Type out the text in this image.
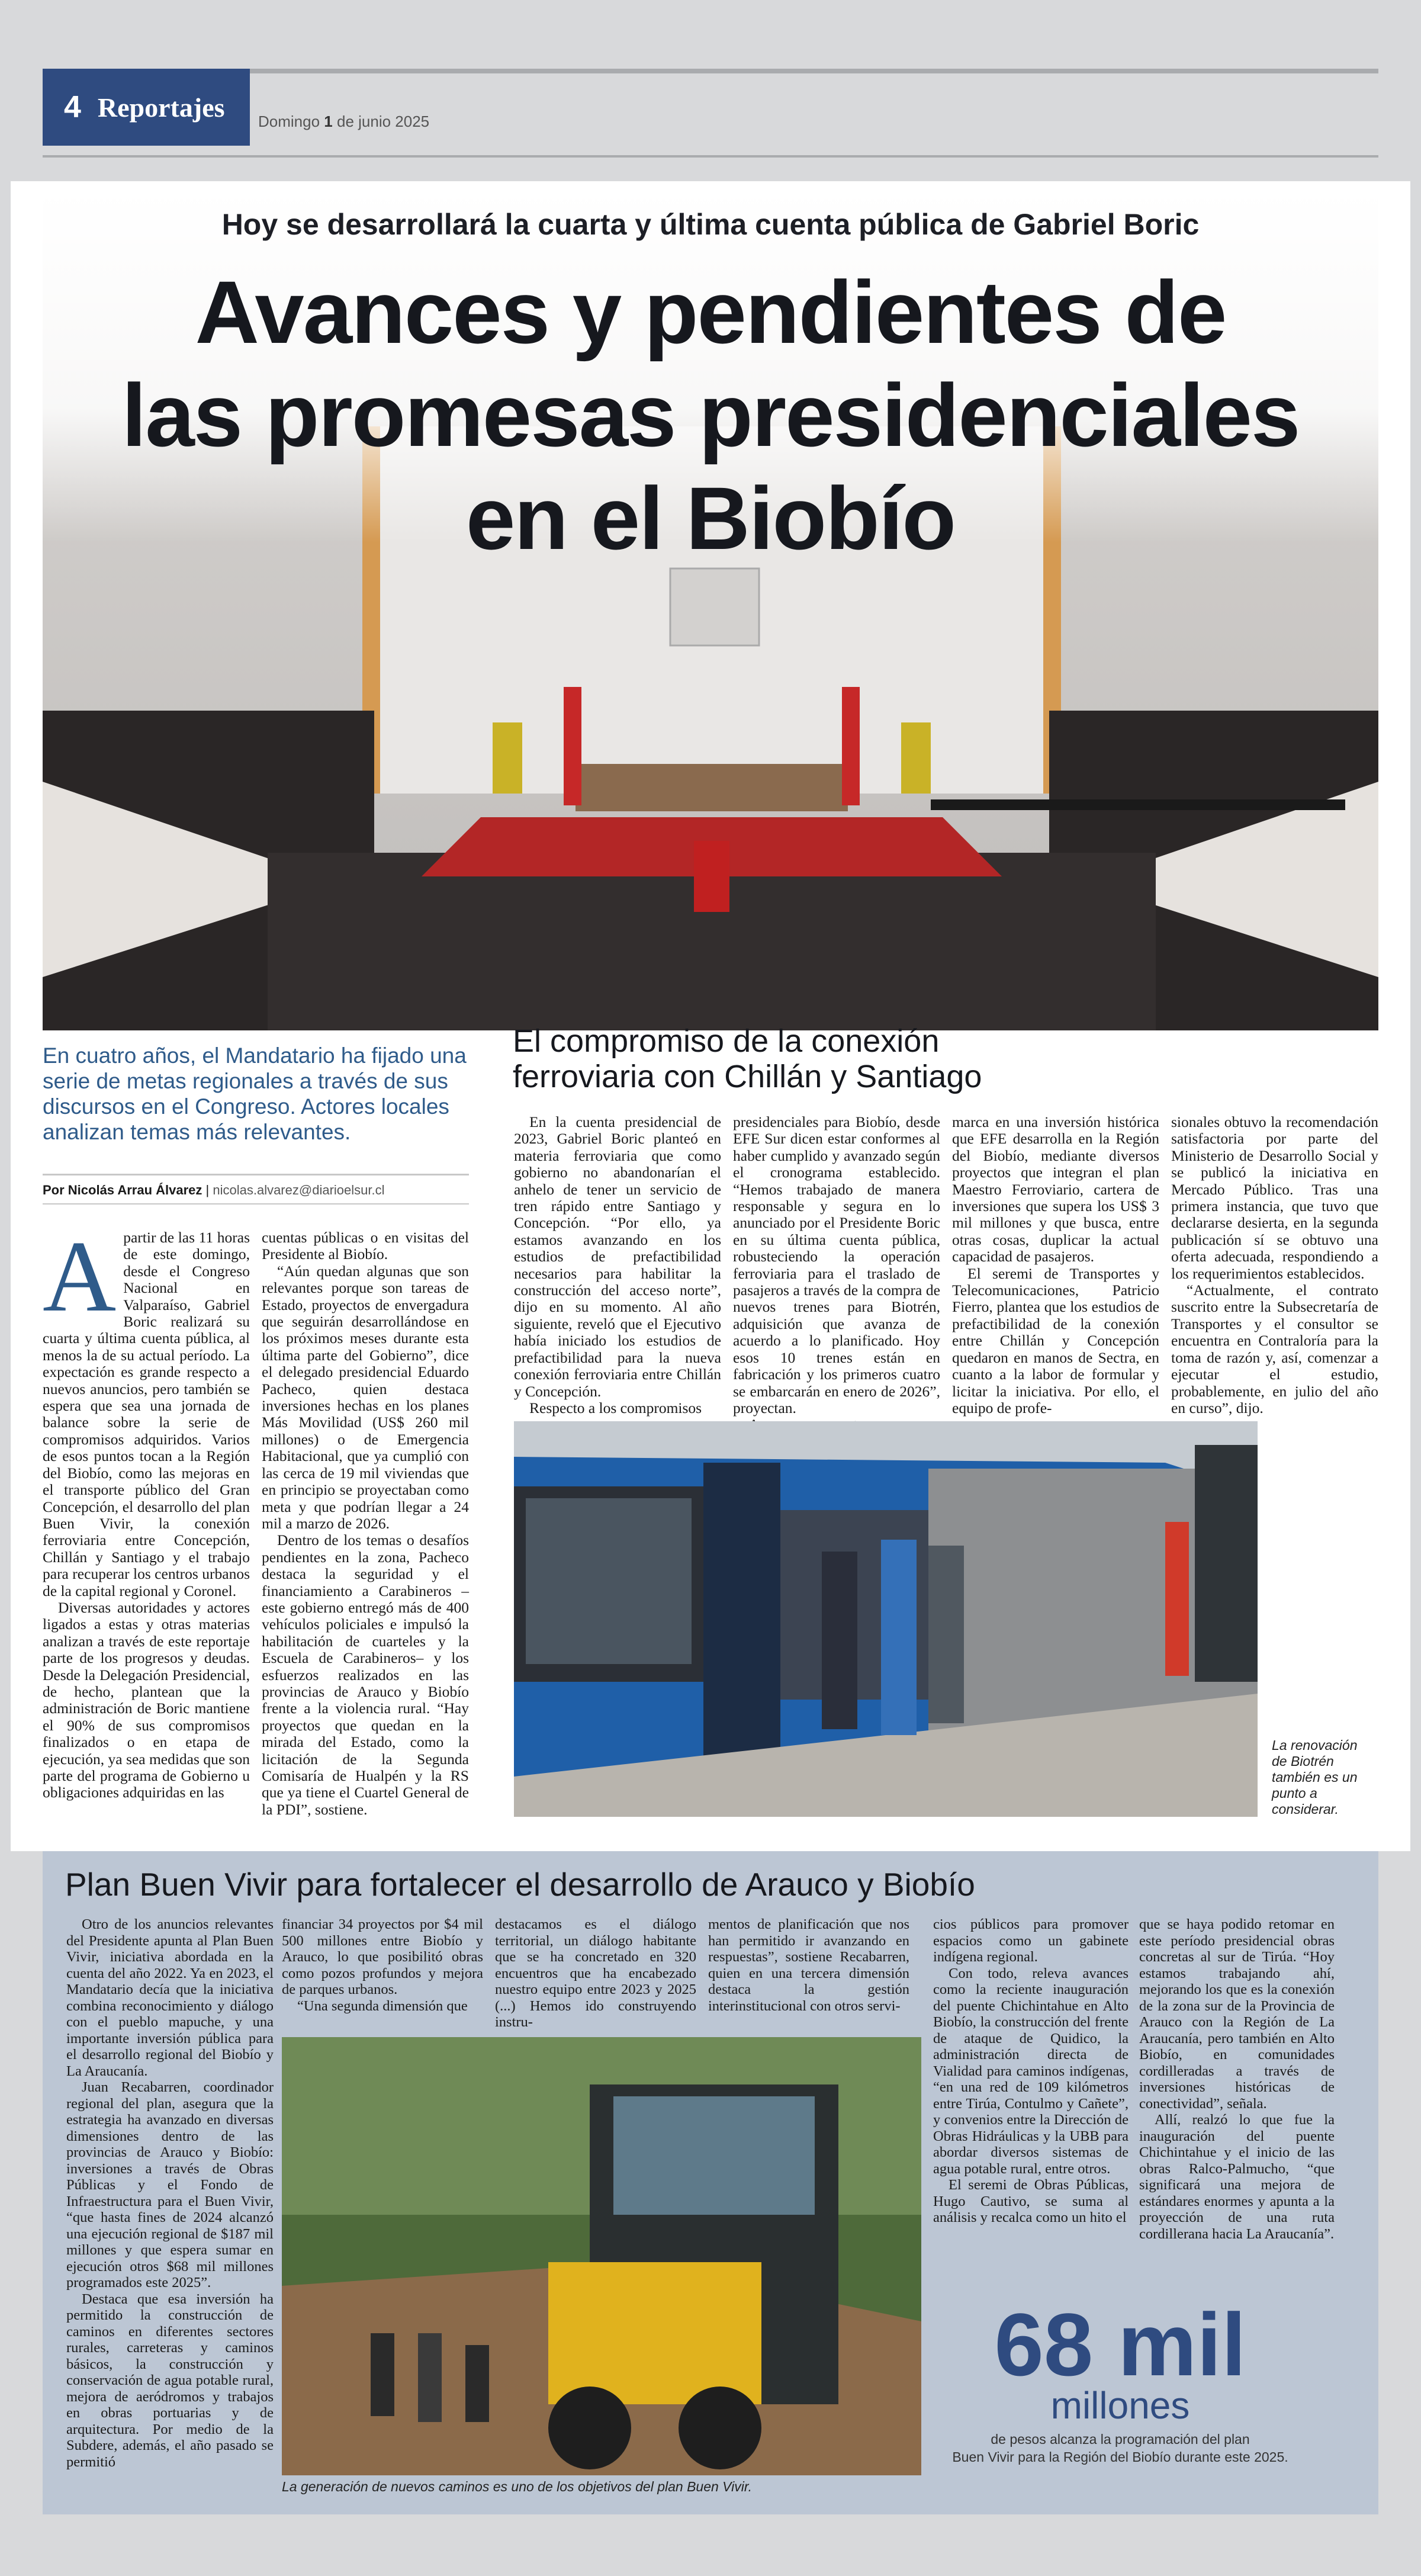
4 Reportajes Domingo 1 de junio 2025
Hoy se desarrollará la cuarta y última cuenta pública de Gabriel Boric
Avances y pendientes de
las promesas presidenciales
en el Biobío
En cuatro años, el Mandatario ha fijado una
serie de metas regionales a través de sus
discursos en el Congreso. Actores locales
analizan temas más relevantes.
Por Nicolás Arrau Álvarez | nicolas.alvarez@diarioelsur.cl

Apartir de las 11 horas de este domingo, desde el Congreso Nacional en Valparaíso, Gabriel Boric realizará su cuarta y última cuenta pública, al menos la de su actual período. La expectación es grande respecto a nuevos anuncios, pero también se espera que sea una jornada de balance sobre la serie de compromisos adquiridos. Varios de esos puntos tocan a la Región del Biobío, como las mejoras en el transporte público del Gran Concepción, el desarrollo del plan Buen Vivir, la conexión ferroviaria entre Concepción, Chillán y Santiago y el trabajo para recuperar los centros urbanos de la capital regional y Coronel.

Diversas autoridades y actores ligados a estas y otras materias analizan a través de este reportaje parte de los progresos y deudas. Desde la Delegación Presidencial, de hecho, plantean que la administración de Boric mantiene el 90% de sus compromisos finalizados o en etapa de ejecución, ya sea medidas que son parte del programa de Gobierno u obligaciones adquiridas en las

cuentas públicas o en visitas del Presidente al Biobío.

“Aún quedan algunas que son relevantes porque son tareas de Estado, proyectos de envergadura que seguirán desarrollándose en los próximos meses durante esta última parte del Gobierno”, dice el delegado presidencial Eduardo Pacheco, quien destaca inversiones hechas en los planes Más Movilidad (US$ 260 mil millones) o de Emergencia Habitacional, que ya cumplió con las cerca de 19 mil viviendas que en principio se proyectaban como meta y que podrían llegar a 24 mil a marzo de 2026.

Dentro de los temas o desafíos pendientes en la zona, Pacheco destaca la seguridad y el financiamiento a Carabineros –este gobierno entregó más de 400 vehículos policiales e impulsó la habilitación de cuarteles y la Escuela de Carabineros– y los esfuerzos realizados en las provincias de Arauco y Biobío frente a la violencia rural. “Hay proyectos que quedan en la mirada del Estado, como la licitación de la Segunda Comisaría de Hualpén y la RS que ya tiene el Cuartel General de la PDI”, sostiene.

El compromiso de la conexión
ferroviaria con Chillán y Santiago

En la cuenta presidencial de 2023, Gabriel Boric planteó en materia ferroviaria que como gobierno no abandonarían el anhelo de tener un servicio de tren rápido entre Santiago y Concepción. “Por ello, ya estamos avanzando en los estudios de prefactibilidad necesarios para habilitar la construcción del acceso norte”, dijo en su momento. Al año siguiente, reveló que el Ejecutivo había iniciado los estudios de prefactibilidad para la nueva conexión ferroviaria entre Chillán y Concepción.

Respecto a los compromisos

presidenciales para Biobío, desde EFE Sur dicen estar conformes al haber cumplido y avanzado según el cronograma establecido. “Hemos trabajado de manera responsable y segura en lo anunciado por el Presidente Boric en su última cuenta pública, robusteciendo la operación ferroviaria para el traslado de pasajeros a través de la compra de nuevos trenes para Biotrén, adquisición que avanza de acuerdo a lo planificado. Hoy esos 10 trenes están en fabricación y los primeros cuatro se embarcarán en enero de 2026”, proyectan.

marca en una inversión histórica que EFE desarrolla en la Región del Biobío, mediante diversos proyectos que integran el plan Maestro Ferroviario, cartera de inversiones que supera los US$ 3 mil millones y que busca, entre otras cosas, duplicar la actual capacidad de pasajeros.

El seremi de Transportes y Telecomunicaciones, Patricio Fierro, plantea que los estudios de prefactibilidad de la conexión entre Chillán y Concepción quedaron en manos de Sectra, en cuanto a la labor de formular y licitar la iniciativa. Por ello, el equipo de profe-

sionales obtuvo la recomendación satisfactoria por parte del Ministerio de Desarrollo Social y se publicó la iniciativa en Mercado Público. Tras una primera instancia, que tuvo que declararse desierta, en la segunda publicación sí se obtuvo una oferta adecuada, respondiendo a los requerimientos establecidos.

“Actualmente, el contrato suscrito entre la Subsecretaría de Transportes y el consultor se encuentra en Contraloría para la toma de razón y, así, comenzar a ejecutar el estudio, probablemente, en julio del año en curso”, dijo.

La renovación
de Biotrén
también es un
punto a
considerar.
Plan Buen Vivir para fortalecer el desarrollo de Arauco y Biobío

Otro de los anuncios relevantes del Presidente apunta al Plan Buen Vivir, iniciativa abordada en la cuenta del año 2022. Ya en 2023, el Mandatario decía que la iniciativa combina reconocimiento y diálogo con el pueblo mapuche, y una importante inversión pública para el desarrollo regional del Biobío y La Araucanía.

Juan Recabarren, coordinador regional del plan, asegura que la estrategia ha avanzado en diversas dimensiones dentro de las provincias de Arauco y Biobío: inversiones a través de Obras Públicas y el Fondo de Infraestructura para el Buen Vivir, “que hasta fines de 2024 alcanzó una ejecución regional de $187 mil millones y que espera sumar en ejecución otros $68 mil millones programados este 2025”.

Destaca que esa inversión ha permitido la construcción de caminos en diferentes sectores rurales, carreteras y caminos básicos, la construcción y conservación de agua potable rural, mejora de aeródromos y trabajos en obras portuarias y de arquitectura. Por medio de la Subdere, además, el año pasado se permitió

financiar 34 proyectos por $4 mil 500 millones entre Biobío y Arauco, lo que posibilitó obras como pozos profundos y mejora de parques urbanos.

“Una segunda dimensión que

destacamos es el diálogo territorial, un diálogo habitante que se ha concretado en 320 encuentros que ha encabezado nuestro equipo entre 2023 y 2025 (...) Hemos ido construyendo instru-

mentos de planificación que nos han permitido ir avanzando en respuestas”, sostiene Recabarren, quien en una tercera dimensión destaca la gestión interinstitucional con otros servi-

cios públicos para promover espacios como un gabinete indígena regional.

Con todo, releva avances como la reciente inauguración del puente Chichintahue en Alto Biobío, la construcción del frente de ataque de Quidico, la administración directa de Vialidad para caminos indígenas, “en una red de 109 kilómetros entre Tirúa, Contulmo y Cañete”, y convenios entre la Dirección de Obras Hidráulicas y la UBB para abordar diversos sistemas de agua potable rural, entre otros.

El seremi de Obras Públicas, Hugo Cautivo, se suma al análisis y recalca como un hito el

que se haya podido retomar en este período presidencial obras concretas al sur de Tirúa. “Hoy estamos trabajando ahí, mejorando los que es la conexión de la zona sur de la Provincia de Arauco con la Región de La Araucanía, pero también en Alto Biobío, en comunidades cordilleradas a través de inversiones históricas de conectividad”, señala.

Allí, realzó lo que fue la inauguración del puente Chichintahue y el inicio de las obras Ralco-Palmucho, “que significará una mejora de estándares enormes y apunta a la proyección de una ruta cordillerana hacia La Araucanía”.

La generación de nuevos caminos es uno de los objetivos del plan Buen Vivir.
68 mil
millones
de pesos alcanza la programación del plan
Buen Vivir para la Región del Biobío durante este 2025.
